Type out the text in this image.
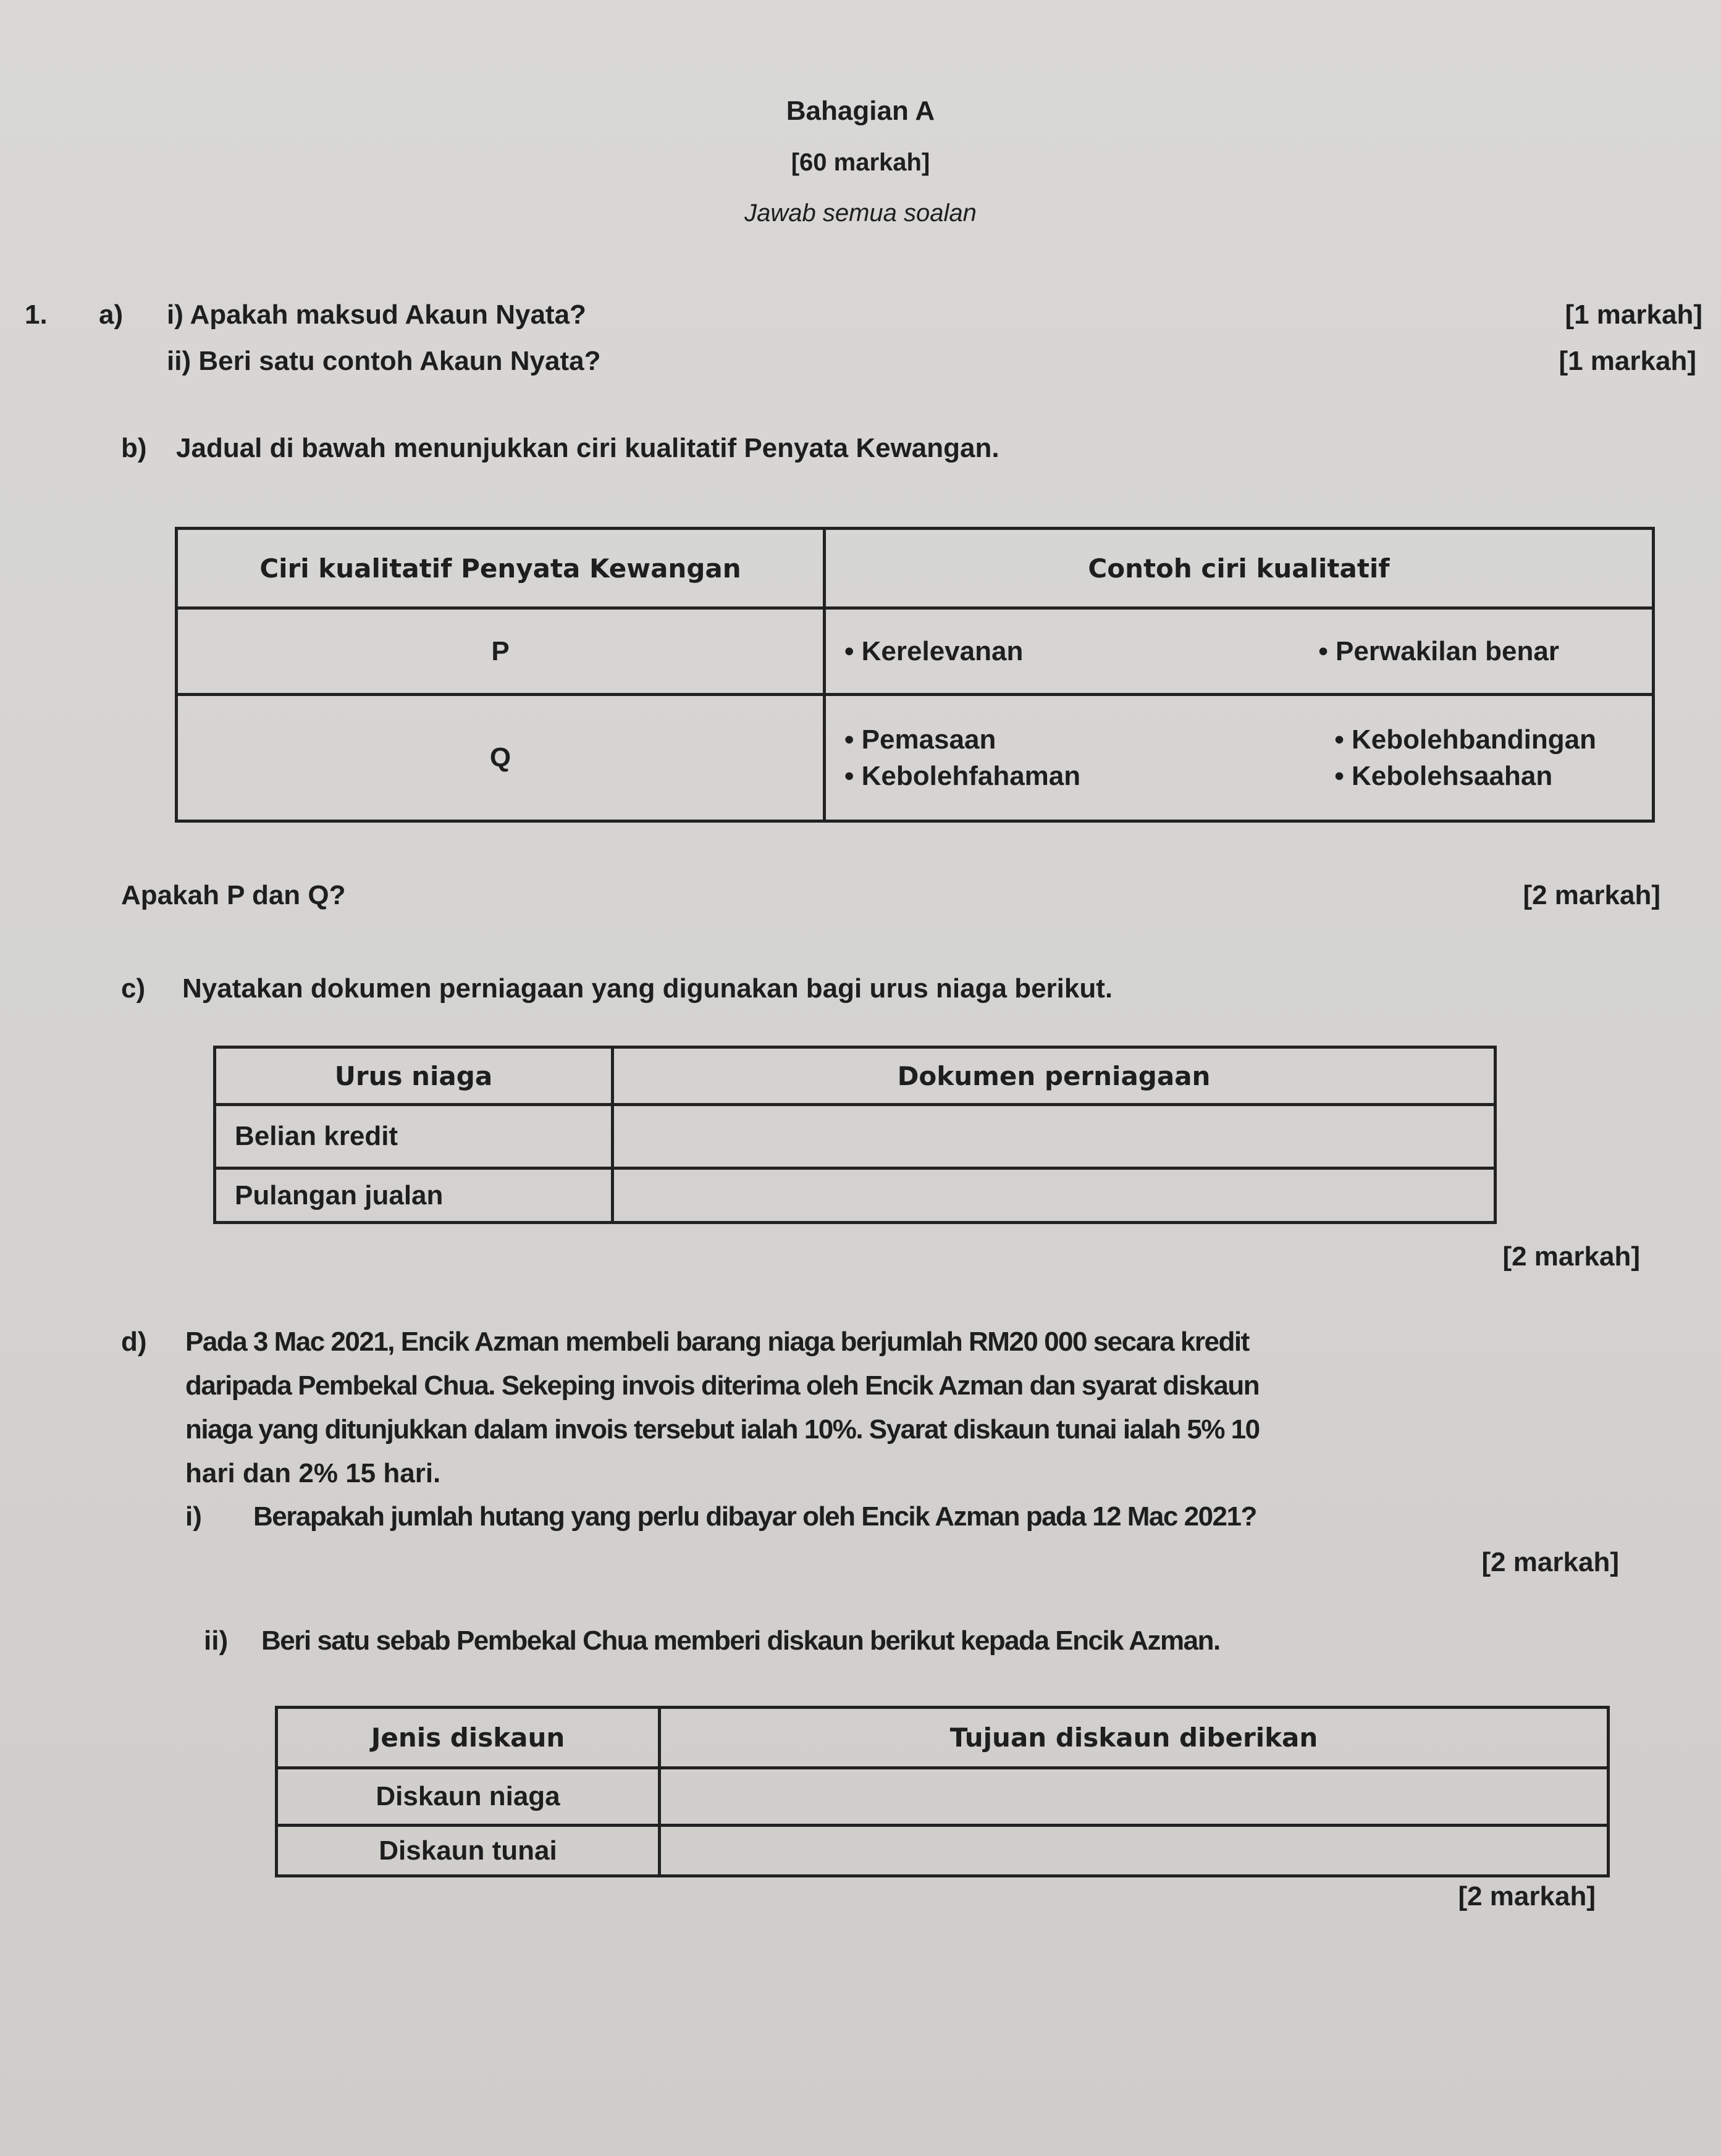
Bahagian A
[60 markah]
Jawab semua soalan
1. a) i) Apakah maksud Akaun Nyata?	[1 markah]
ii) Beri satu contoh Akaun Nyata?	[1 markah]
b) Jadual di bawah menunjukkan ciri kualitatif Penyata Kewangan.
Ciri kualitatif Penyata Kewangan	Contoh ciri kualitatif
P	• Kerelevanan • Perwakilan benar

Q	• Pemasaan
• Kebolehfahaman
• Kebolehbandingan
• Kebolehsaahan
Apakah P dan Q?	[2 markah]
c) Nyatakan dokumen perniagaan yang digunakan bagi urus niaga berikut.
Urus niaga	Dokumen perniagaan
Belian kredit	
Pulangan jualan	
[2 markah]
d) Pada 3 Mac 2021, Encik Azman membeli barang niaga berjumlah RM20 000 secara kredit
daripada Pembekal Chua. Sekeping invois diterima oleh Encik Azman dan syarat diskaun
niaga yang ditunjukkan dalam invois tersebut ialah 10%. Syarat diskaun tunai ialah 5% 10
hari dan 2% 15 hari.
i) Berapakah jumlah hutang yang perlu dibayar oleh Encik Azman pada 12 Mac 2021?
[2 markah]
ii) Beri satu sebab Pembekal Chua memberi diskaun berikut kepada Encik Azman.
Jenis diskaun	Tujuan diskaun diberikan
Diskaun niaga	
Diskaun tunai	
[2 markah]
